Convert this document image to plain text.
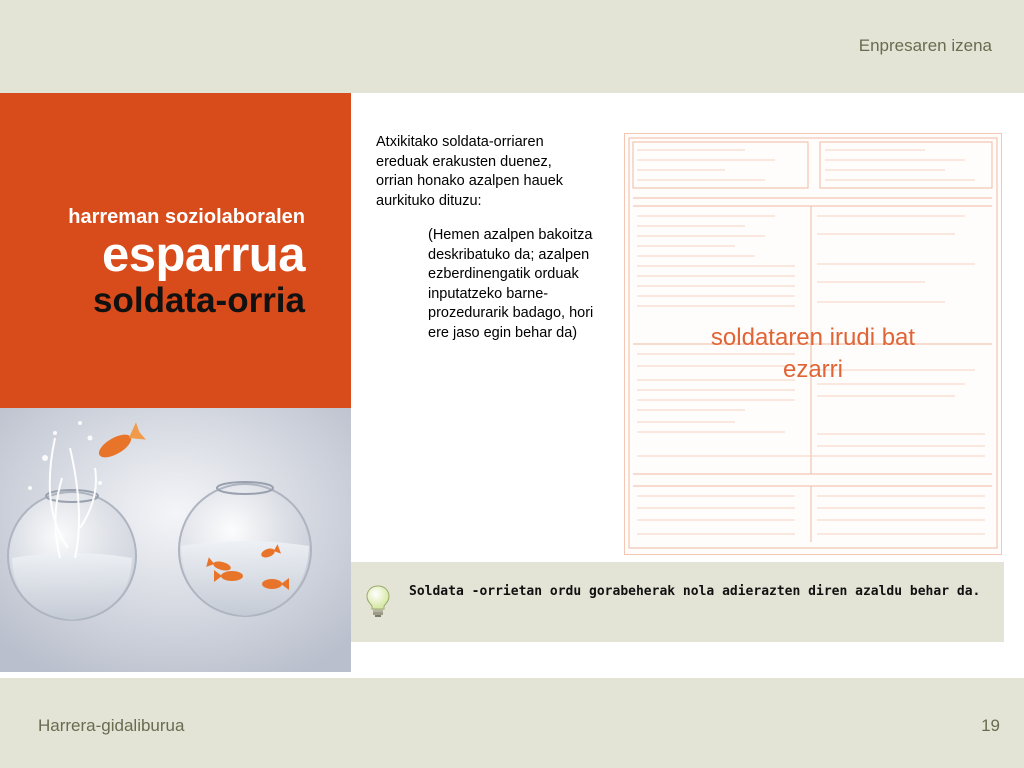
Enpresaren izena
harreman soziolaboralen
esparrua
soldata-orria
Atxikitako soldata-orriaren ereduak erakusten duenez, orrian honako azalpen hauek aurkituko dituzu:
(Hemen azalpen bakoitza deskribatuko da; azalpen ezberdinengatik orduak inputatzeko barne-prozedurarik badago, hori ere jaso egin behar da)	soldataren irudi bat
ezarri
Soldata -orrietan ordu gorabeherak nola adierazten diren azaldu behar da.
Harrera-gidaliburua	19
